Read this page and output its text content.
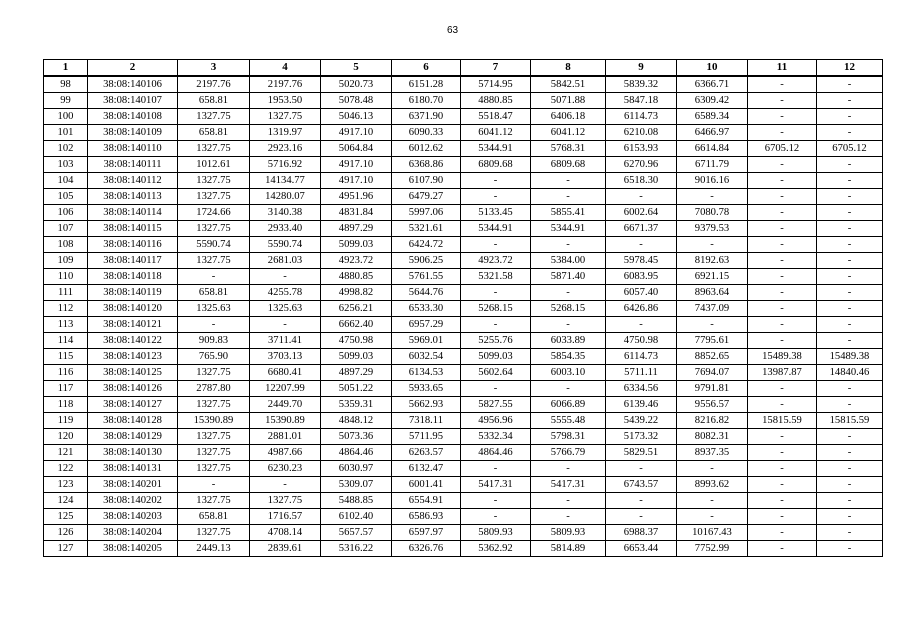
63
1	2	3	4	5	6	7	8	9	10	11	12
98	38:08:140106	2197.76	2197.76	5020.73	6151.28	5714.95	5842.51	5839.32	6366.71	-	-
99	38:08:140107	658.81	1953.50	5078.48	6180.70	4880.85	5071.88	5847.18	6309.42	-	-
100	38:08:140108	1327.75	1327.75	5046.13	6371.90	5518.47	6406.18	6114.73	6589.34	-	-
101	38:08:140109	658.81	1319.97	4917.10	6090.33	6041.12	6041.12	6210.08	6466.97	-	-
102	38:08:140110	1327.75	2923.16	5064.84	6012.62	5344.91	5768.31	6153.93	6614.84	6705.12	6705.12
103	38:08:140111	1012.61	5716.92	4917.10	6368.86	6809.68	6809.68	6270.96	6711.79	-	-
104	38:08:140112	1327.75	14134.77	4917.10	6107.90	-	-	6518.30	9016.16	-	-
105	38:08:140113	1327.75	14280.07	4951.96	6479.27	-	-	-	-	-	-
106	38:08:140114	1724.66	3140.38	4831.84	5997.06	5133.45	5855.41	6002.64	7080.78	-	-
107	38:08:140115	1327.75	2933.40	4897.29	5321.61	5344.91	5344.91	6671.37	9379.53	-	-
108	38:08:140116	5590.74	5590.74	5099.03	6424.72	-	-	-	-	-	-
109	38:08:140117	1327.75	2681.03	4923.72	5906.25	4923.72	5384.00	5978.45	8192.63	-	-
110	38:08:140118	-	-	4880.85	5761.55	5321.58	5871.40	6083.95	6921.15	-	-
111	38:08:140119	658.81	4255.78	4998.82	5644.76	-	-	6057.40	8963.64	-	-
112	38:08:140120	1325.63	1325.63	6256.21	6533.30	5268.15	5268.15	6426.86	7437.09	-	-
113	38:08:140121	-	-	6662.40	6957.29	-	-	-	-	-	-
114	38:08:140122	909.83	3711.41	4750.98	5969.01	5255.76	6033.89	4750.98	7795.61	-	-
115	38:08:140123	765.90	3703.13	5099.03	6032.54	5099.03	5854.35	6114.73	8852.65	15489.38	15489.38
116	38:08:140125	1327.75	6680.41	4897.29	6134.53	5602.64	6003.10	5711.11	7694.07	13987.87	14840.46
117	38:08:140126	2787.80	12207.99	5051.22	5933.65	-	-	6334.56	9791.81	-	-
118	38:08:140127	1327.75	2449.70	5359.31	5662.93	5827.55	6066.89	6139.46	9556.57	-	-
119	38:08:140128	15390.89	15390.89	4848.12	7318.11	4956.96	5555.48	5439.22	8216.82	15815.59	15815.59
120	38:08:140129	1327.75	2881.01	5073.36	5711.95	5332.34	5798.31	5173.32	8082.31	-	-
121	38:08:140130	1327.75	4987.66	4864.46	6263.57	4864.46	5766.79	5829.51	8937.35	-	-
122	38:08:140131	1327.75	6230.23	6030.97	6132.47	-	-	-	-	-	-
123	38:08:140201	-	-	5309.07	6001.41	5417.31	5417.31	6743.57	8993.62	-	-
124	38:08:140202	1327.75	1327.75	5488.85	6554.91	-	-	-	-	-	-
125	38:08:140203	658.81	1716.57	6102.40	6586.93	-	-	-	-	-	-
126	38:08:140204	1327.75	4708.14	5657.57	6597.97	5809.93	5809.93	6988.37	10167.43	-	-
127	38:08:140205	2449.13	2839.61	5316.22	6326.76	5362.92	5814.89	6653.44	7752.99	-	-
